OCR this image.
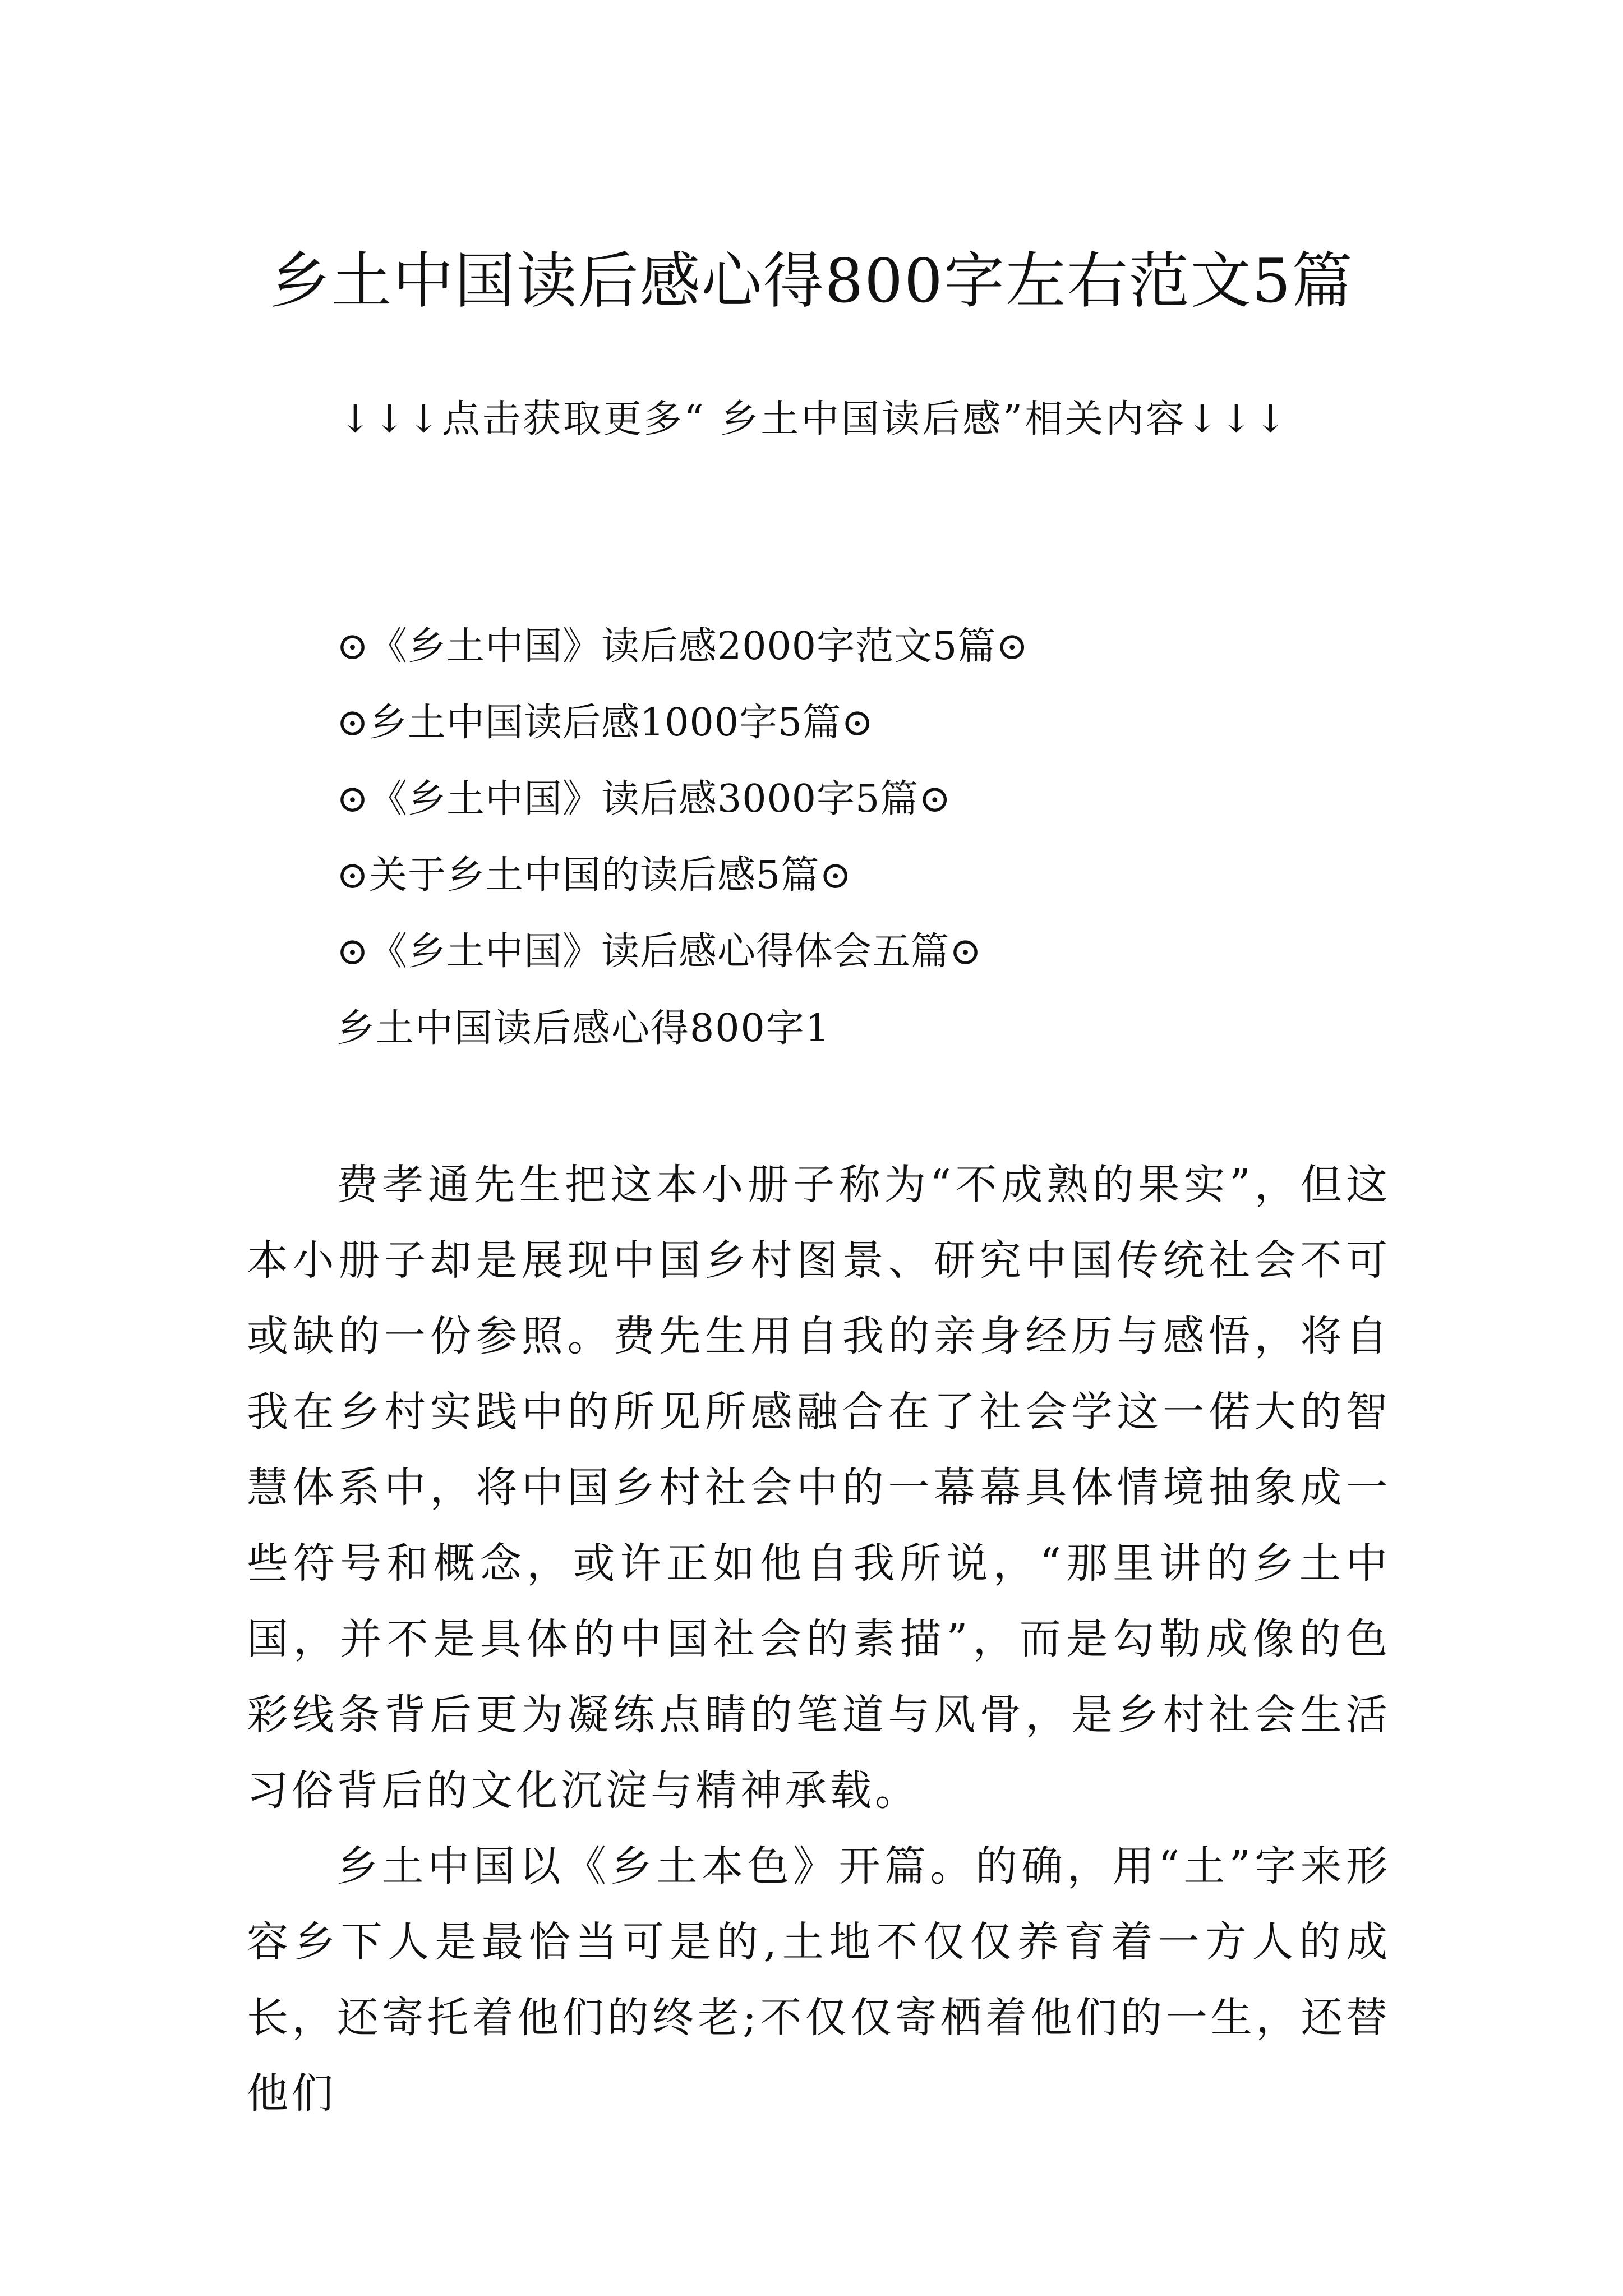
乡土中国读后感心得800字左右范文5篇
↓↓↓点击获取更多“ 乡土中国读后感”相关内容↓↓↓
⊙《乡土中国》读后感2000字范文5篇⊙
⊙乡土中国读后感1000字5篇⊙
⊙《乡土中国》读后感3000字5篇⊙
⊙关于乡土中国的读后感5篇⊙
⊙《乡土中国》读后感心得体会五篇⊙
乡土中国读后感心得800字1

费孝通先生把这本小册子称为“不成熟的果实”，但这本小册子却是展现中国乡村图景、研究中国传统社会不可或缺的一份参照。费先生用自我的亲身经历与感悟，将自我在乡村实践中的所见所感融合在了社会学这一偌大的智慧体系中，将中国乡村社会中的一幕幕具体情境抽象成一些符号和概念，或许正如他自我所说，“那里讲的乡土中国，并不是具体的中国社会的素描”，而是勾勒成像的色彩线条背后更为凝练点睛的笔道与风骨，是乡村社会生活习俗背后的文化沉淀与精神承载。

乡土中国以《乡土本色》开篇。的确，用“土”字来形容乡下人是最恰当可是的,土地不仅仅养育着一方人的成长，还寄托着他们的终老;不仅仅寄栖着他们的一生，还替他们
